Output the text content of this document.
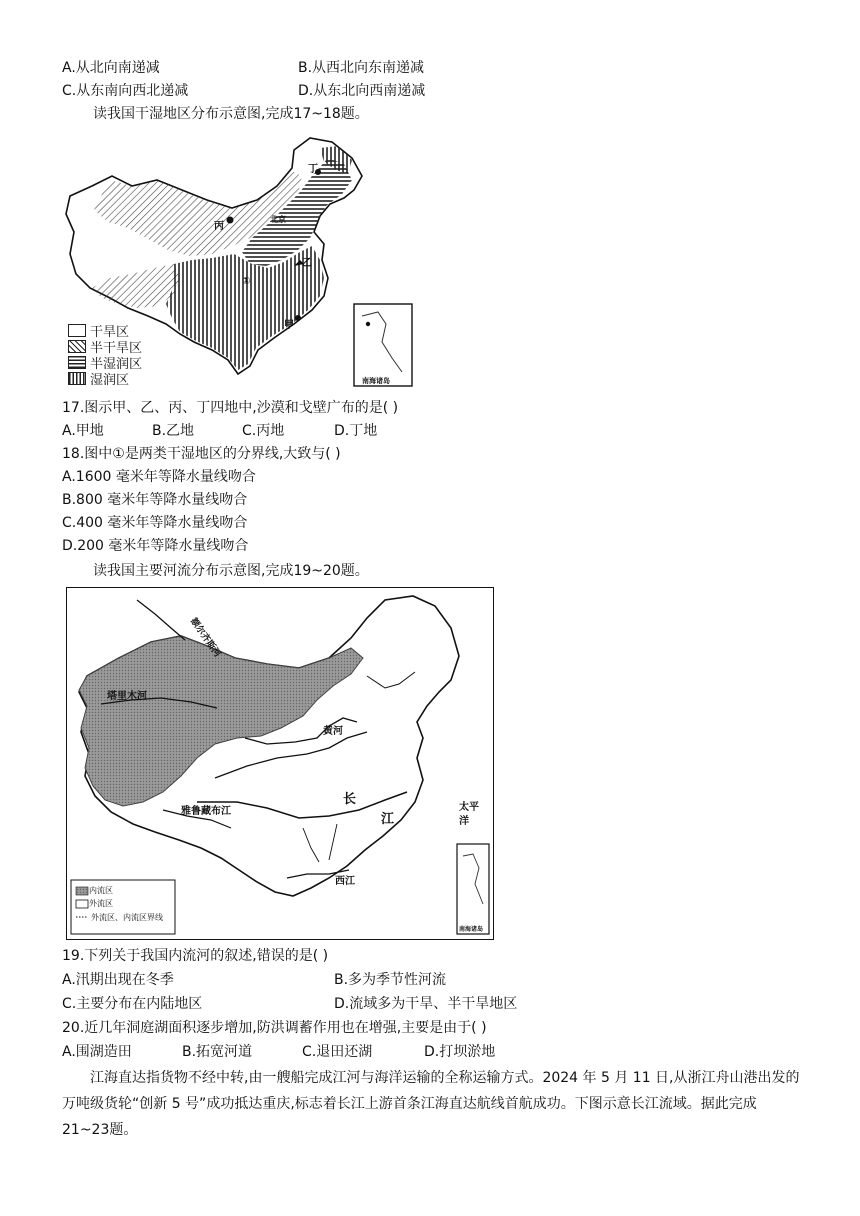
A.从北向南递减	B.从西北向东南递减
C.从东南向西北递减	D.从东北向西南递减
读我国干湿地区分布示意图,完成17~18题。
丙
甲
乙
丁
①
北京
南海诸岛
干旱区
半干旱区
半湿润区
湿润区
17.图示甲、乙、丙、丁四地中,沙漠和戈壁广布的是( )
A.甲地	B.乙地	C.丙地	D.丁地
18.图中①是两类干湿地区的分界线,大致与( )
A.1600 毫米年等降水量线吻合
B.800 毫米年等降水量线吻合
C.400 毫米年等降水量线吻合
D.200 毫米年等降水量线吻合
读我国主要河流分布示意图,完成19~20题。
额尔齐斯河
塔里木河
黄河
雅鲁藏布江
长
江
西江
太平
洋
南海诸岛
内流区
外流区
外流区、内流区界线
19.下列关于我国内流河的叙述,错误的是( )
A.汛期出现在冬季	B.多为季节性河流
C.主要分布在内陆地区	D.流域多为干旱、半干旱地区
20.近几年洞庭湖面积逐步增加,防洪调蓄作用也在增强,主要是由于( )
A.围湖造田	B.拓宽河道	C.退田还湖	D.打坝淤地
江海直达指货物不经中转,由一艘船完成江河与海洋运输的全称运输方式。2024 年 5 月 11 日,从浙江舟山港出发的万吨级货轮“创新 5 号”成功抵达重庆,标志着长江上游首条江海直达航线首航成功。下图示意长江流域。据此完成21~23题。
